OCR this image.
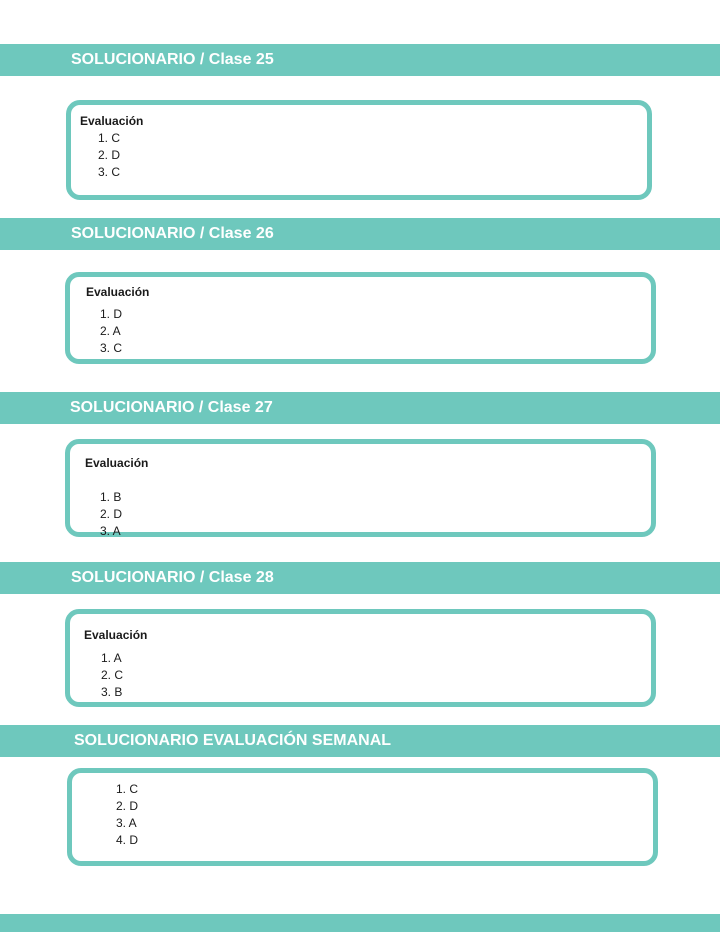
SOLUCIONARIO / Clase 25
Evaluación
1. C
2. D
3. C
SOLUCIONARIO / Clase 26
Evaluación
1. D
2. A
3. C
SOLUCIONARIO / Clase 27
Evaluación
1. B
2. D
3. A
SOLUCIONARIO / Clase 28
Evaluación
1. A
2. C
3. B
SOLUCIONARIO EVALUACIÓN SEMANAL
1. C
2. D
3. A
4. D
